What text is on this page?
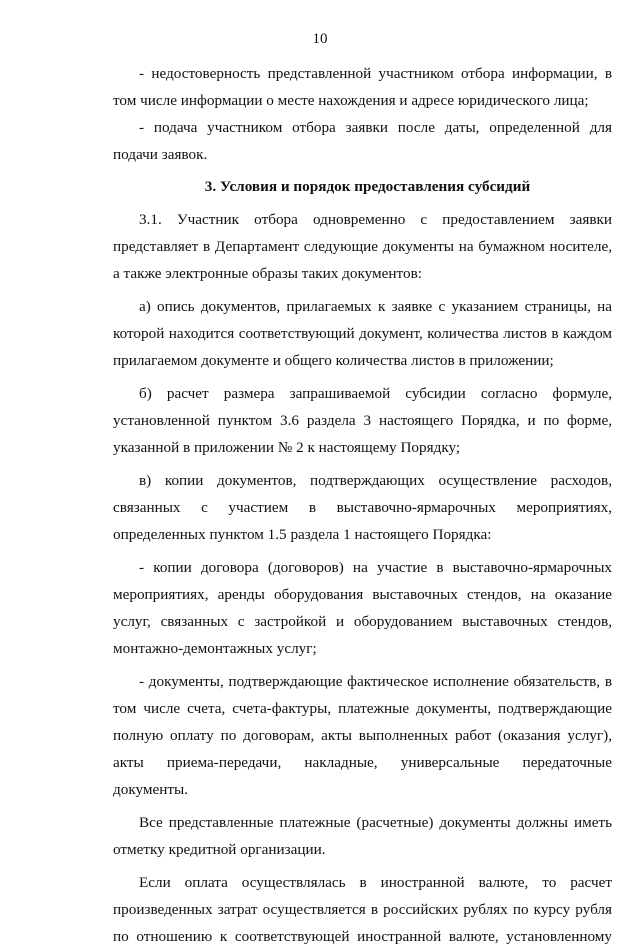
10

- недостоверность представленной участником отбора информации, в том числе информации о месте нахождения и адресе юридического лица;

- подача участником отбора заявки после даты, определенной для подачи заявок.

3. Условия и порядок предоставления субсидий

3.1. Участник отбора одновременно с предоставлением заявки представляет в Департамент следующие документы на бумажном носителе, а также электронные образы таких документов:

а) опись документов, прилагаемых к заявке с указанием страницы, на которой находится соответствующий документ, количества листов в каждом прилагаемом документе и общего количества листов в приложении;

б) расчет размера запрашиваемой субсидии согласно формуле, установленной пунктом 3.6 раздела 3 настоящего Порядка, и по форме, указанной в приложении № 2 к настоящему Порядку;

в) копии документов, подтверждающих осуществление расходов, связанных с участием в выставочно-ярмарочных мероприятиях, определенных пунктом 1.5 раздела 1 настоящего Порядка:

- копии договора (договоров) на участие в выставочно-ярмарочных мероприятиях, аренды оборудования выставочных стендов, на оказание услуг, связанных с застройкой и оборудованием выставочных стендов, монтажно-демонтажных услуг;

- документы, подтверждающие фактическое исполнение обязательств, в том числе счета, счета-фактуры, платежные документы, подтверждающие полную оплату по договорам, акты выполненных работ (оказания услуг), акты приема-передачи, накладные, универсальные передаточные документы.

Все представленные платежные (расчетные) документы должны иметь отметку кредитной организации.

Если оплата осуществлялась в иностранной валюте, то расчет произведенных затрат осуществляется в российских рублях по курсу рубля по отношению к соответствующей иностранной валюте, установленному
